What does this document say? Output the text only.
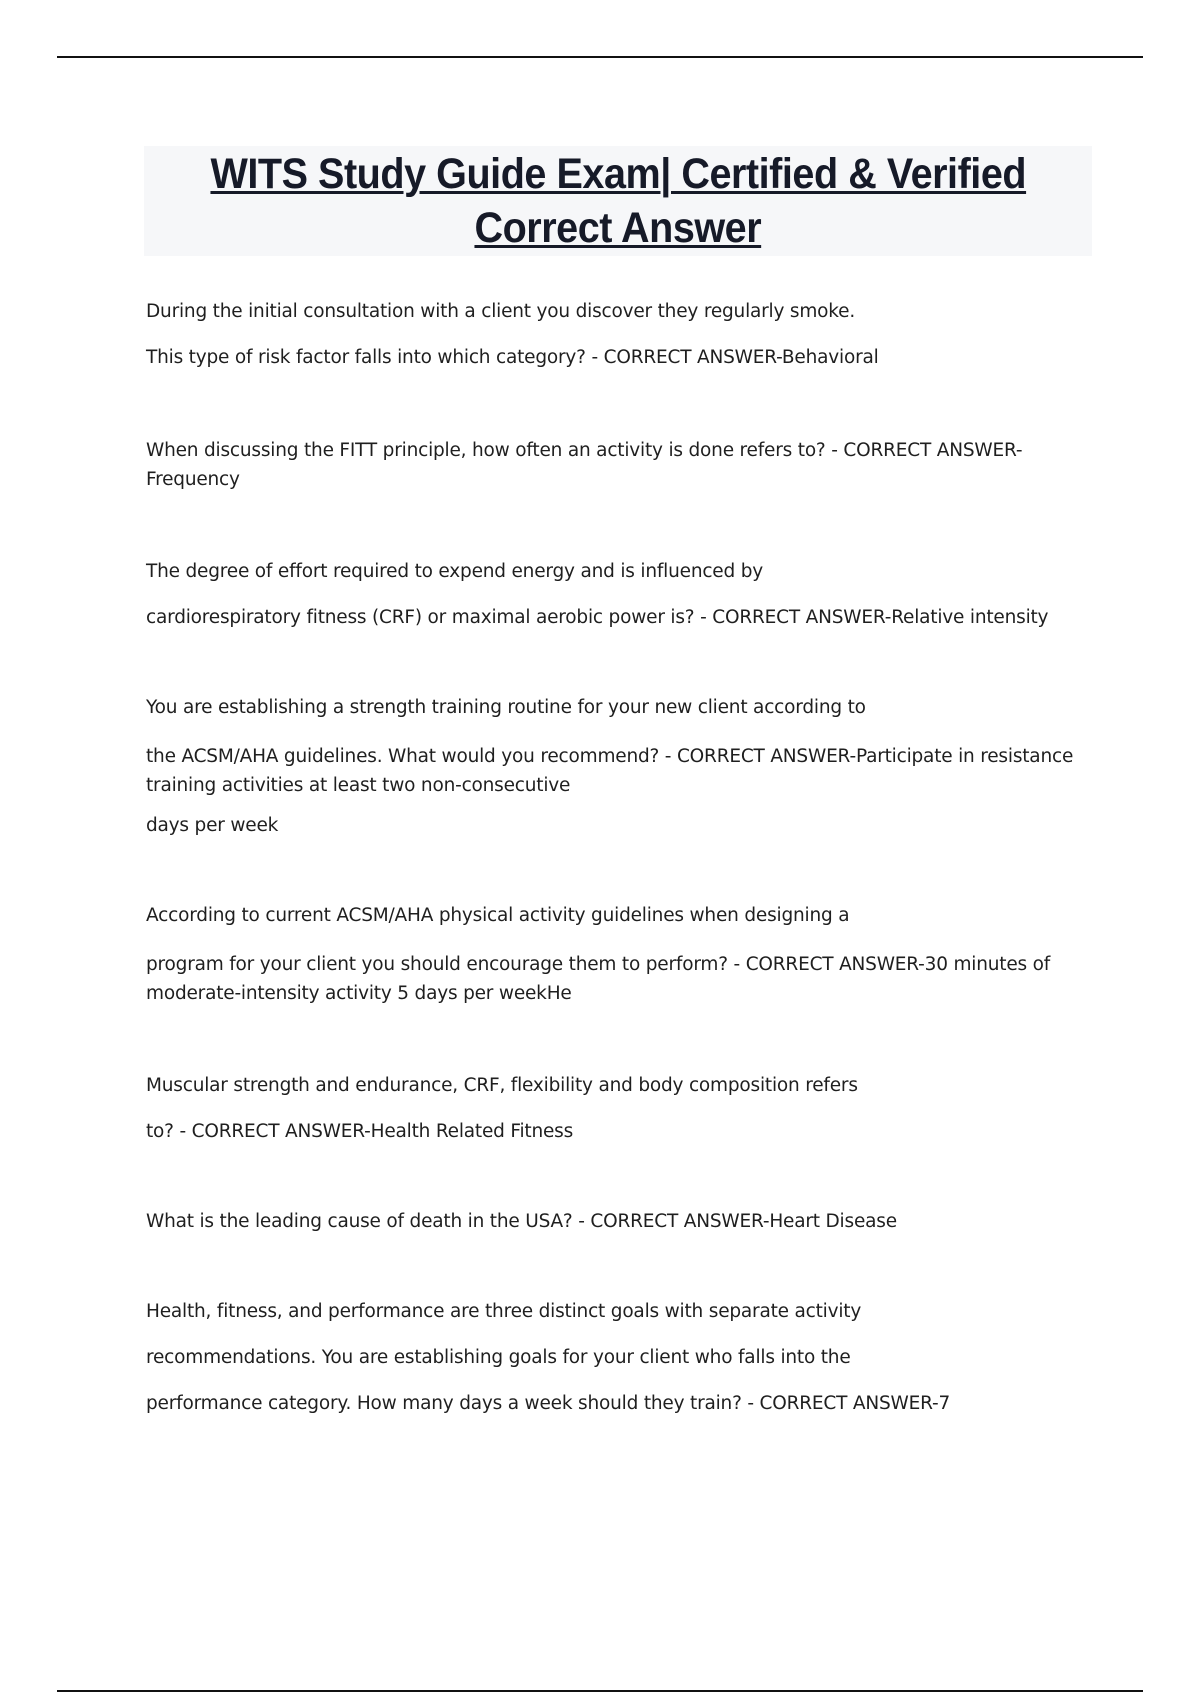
WITS Study Guide Exam| Certified & Verified
Correct Answer
During the initial consultation with a client you discover they regularly smoke.
This type of risk factor falls into which category? - CORRECT ANSWER-Behavioral
When discussing the FITT principle, how often an activity is done refers to? - CORRECT ANSWER-Frequency
The degree of effort required to expend energy and is influenced by
cardiorespiratory fitness (CRF) or maximal aerobic power is? - CORRECT ANSWER-Relative intensity
You are establishing a strength training routine for your new client according to
the ACSM/AHA guidelines. What would you recommend? - CORRECT ANSWER-Participate in resistance training activities at least two non-consecutive
days per week
According to current ACSM/AHA physical activity guidelines when designing a
program for your client you should encourage them to perform? - CORRECT ANSWER-30 minutes of moderate-intensity activity 5 days per weekHe
Muscular strength and endurance, CRF, flexibility and body composition refers
to? - CORRECT ANSWER-Health Related Fitness
What is the leading cause of death in the USA? - CORRECT ANSWER-Heart Disease
Health, fitness, and performance are three distinct goals with separate activity
recommendations. You are establishing goals for your client who falls into the
performance category. How many days a week should they train? - CORRECT ANSWER-7
